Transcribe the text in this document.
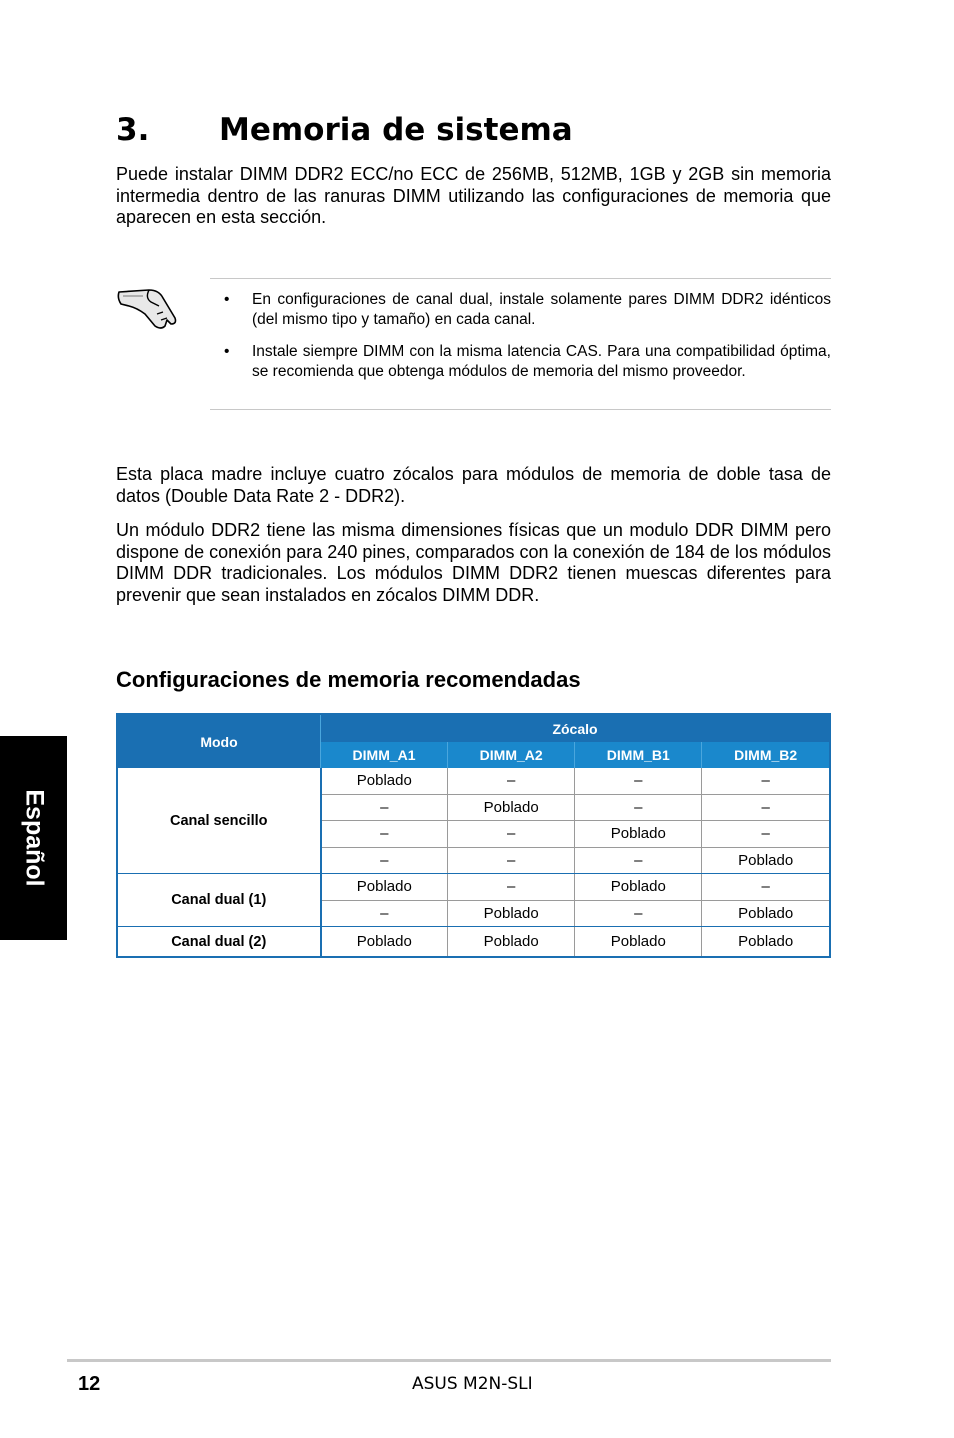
Español
3. Memoria de sistema

Puede instalar DIMM DDR2 ECC/no ECC de 256MB, 512MB, 1GB y 2GB sin memoria intermedia dentro de las ranuras DIMM utilizando las configuraciones de memoria que aparecen en esta sección.

• En configuraciones de canal dual, instale solamente pares DIMM DDR2 idénticos (del mismo tipo y tamaño) en cada canal.
• Instale siempre DIMM con la misma latencia CAS. Para una compatibilidad óptima, se recomienda que obtenga módulos de memoria del mismo proveedor.

Esta placa madre incluye cuatro zócalos para módulos de memoria de doble tasa de datos (Double Data Rate 2 - DDR2).

Un módulo DDR2 tiene las misma dimensiones físicas que un modulo DDR DIMM pero dispone de conexión para 240 pines, comparados con la conexión de 184 de los módulos DIMM DDR tradicionales. Los módulos DIMM DDR2 tienen muescas diferentes para prevenir que sean instalados en zócalos DIMM DDR.

Configuraciones de memoria recomendadas
Modo	Zócalo			
	DIMM_A1	DIMM_A2	DIMM_B1	DIMM_B2
Canal sencillo	Poblado	–	–	–
	–	Poblado	–	–
	–	–	Poblado	–
	–	–	–	Poblado
Canal dual (1)	Poblado	–	Poblado	–
	–	Poblado	–	Poblado
Canal dual (2)	Poblado	Poblado	Poblado	Poblado
12	ASUS M2N-SLI
